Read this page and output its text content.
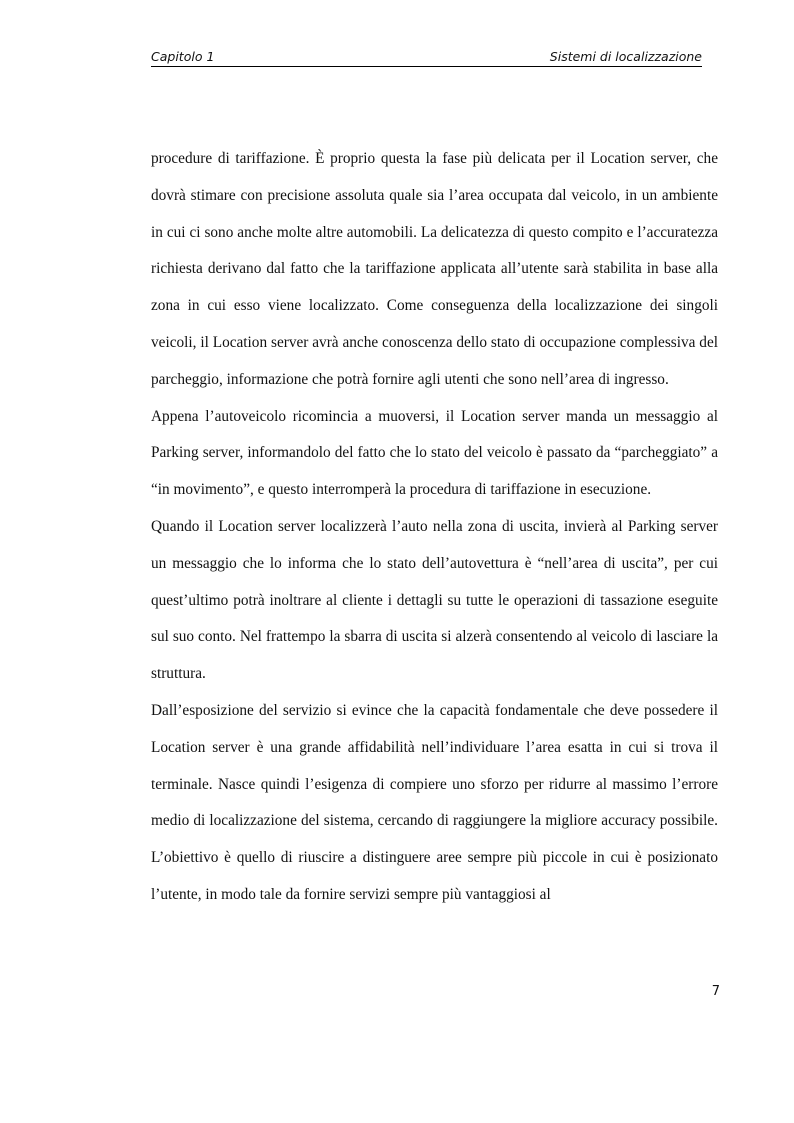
Capitolo 1	Sistemi di localizzazione

procedure di tariffazione. È proprio questa la fase più delicata per il Location server, che dovrà stimare con precisione assoluta quale sia l’area occupata dal veicolo, in un ambiente in cui ci sono anche molte altre automobili. La delicatezza di questo compito e l’accuratezza richiesta derivano dal fatto che la tariffazione applicata all’utente sarà stabilita in base alla zona in cui esso viene localizzato. Come conseguenza della localizzazione dei singoli veicoli, il Location server avrà anche conoscenza dello stato di occupazione complessiva del parcheggio, informazione che potrà fornire agli utenti che sono nell’area di ingresso.

Appena l’autoveicolo ricomincia a muoversi, il Location server manda un messaggio al Parking server, informandolo del fatto che lo stato del veicolo è passato da “parcheggiato” a “in movimento”, e questo interromperà la procedura di tariffazione in esecuzione.

Quando il Location server localizzerà l’auto nella zona di uscita, invierà al Parking server un messaggio che lo informa che lo stato dell’autovettura è “nell’area di uscita”, per cui quest’ultimo potrà inoltrare al cliente i dettagli su tutte le operazioni di tassazione eseguite sul suo conto. Nel frattempo la sbarra di uscita si alzerà consentendo al veicolo di lasciare la struttura.

Dall’esposizione del servizio si evince che la capacità fondamentale che deve possedere il Location server è una grande affidabilità nell’individuare l’area esatta in cui si trova il terminale. Nasce quindi l’esigenza di compiere uno sforzo per ridurre al massimo l’errore medio di localizzazione del sistema, cercando di raggiungere la migliore accuracy possibile. L’obiettivo è quello di riuscire a distinguere aree sempre più piccole in cui è posizionato l’utente, in modo tale da fornire servizi sempre più vantaggiosi al

7
